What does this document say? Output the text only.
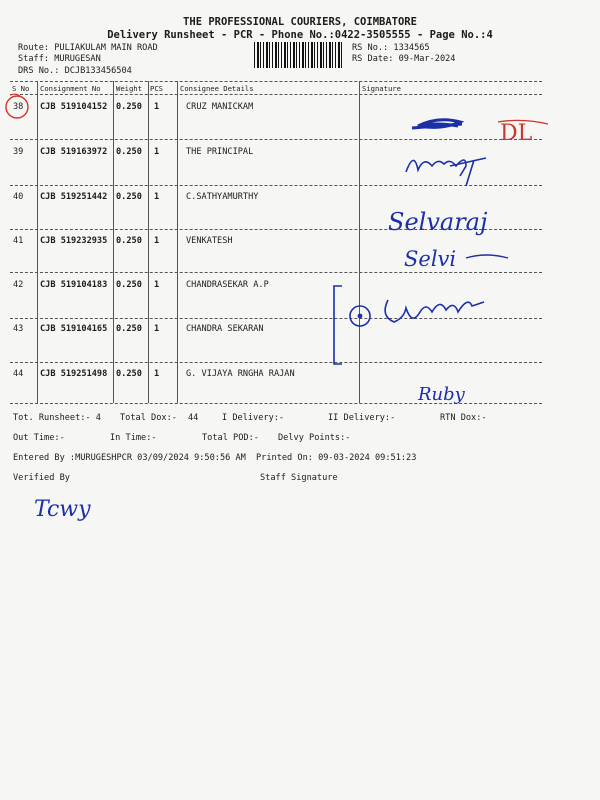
THE PROFESSIONAL COURIERS, COIMBATORE
Delivery Runsheet - PCR - Phone No.:0422-3505555 - Page No.:4
Route: PULIAKULAM MAIN ROAD
Staff: MURUGESAN
DRS No.: DCJB133456504
RS No.: 1334565
RS Date: 09-Mar-2024
S No Consignment No Weight PCS Consignee Details	Signature
38 CJB 519104152 0.250 1	CRUZ MANICKAM
39 CJB 519163972 0.250 1	THE PRINCIPAL
40 CJB 519251442 0.250 1	C.SATHYAMURTHY
41 CJB 519232935 0.250 1	VENKATESH
42 CJB 519104183 0.250 1	CHANDRASEKAR A.P
43 CJB 519104165 0.250 1	CHANDRA SEKARAN
44 CJB 519251498 0.250 1	G. VIJAYA RNGHA RAJAN
Tot. Runsheet:- 4 Total Dox:- 44	I Delivery:-	II Delivery:-	RTN Dox:-
Out Time:-	In Time:-	Total POD:- Delvy Points:-
Entered By :MURUGESHPCR 03/09/2024 9:50:56 AM Printed On: 09-03-2024 09:51:23
Verified By	Staff Signature
DL
Selvaraj
Selvi
Ruby
Tcwy
